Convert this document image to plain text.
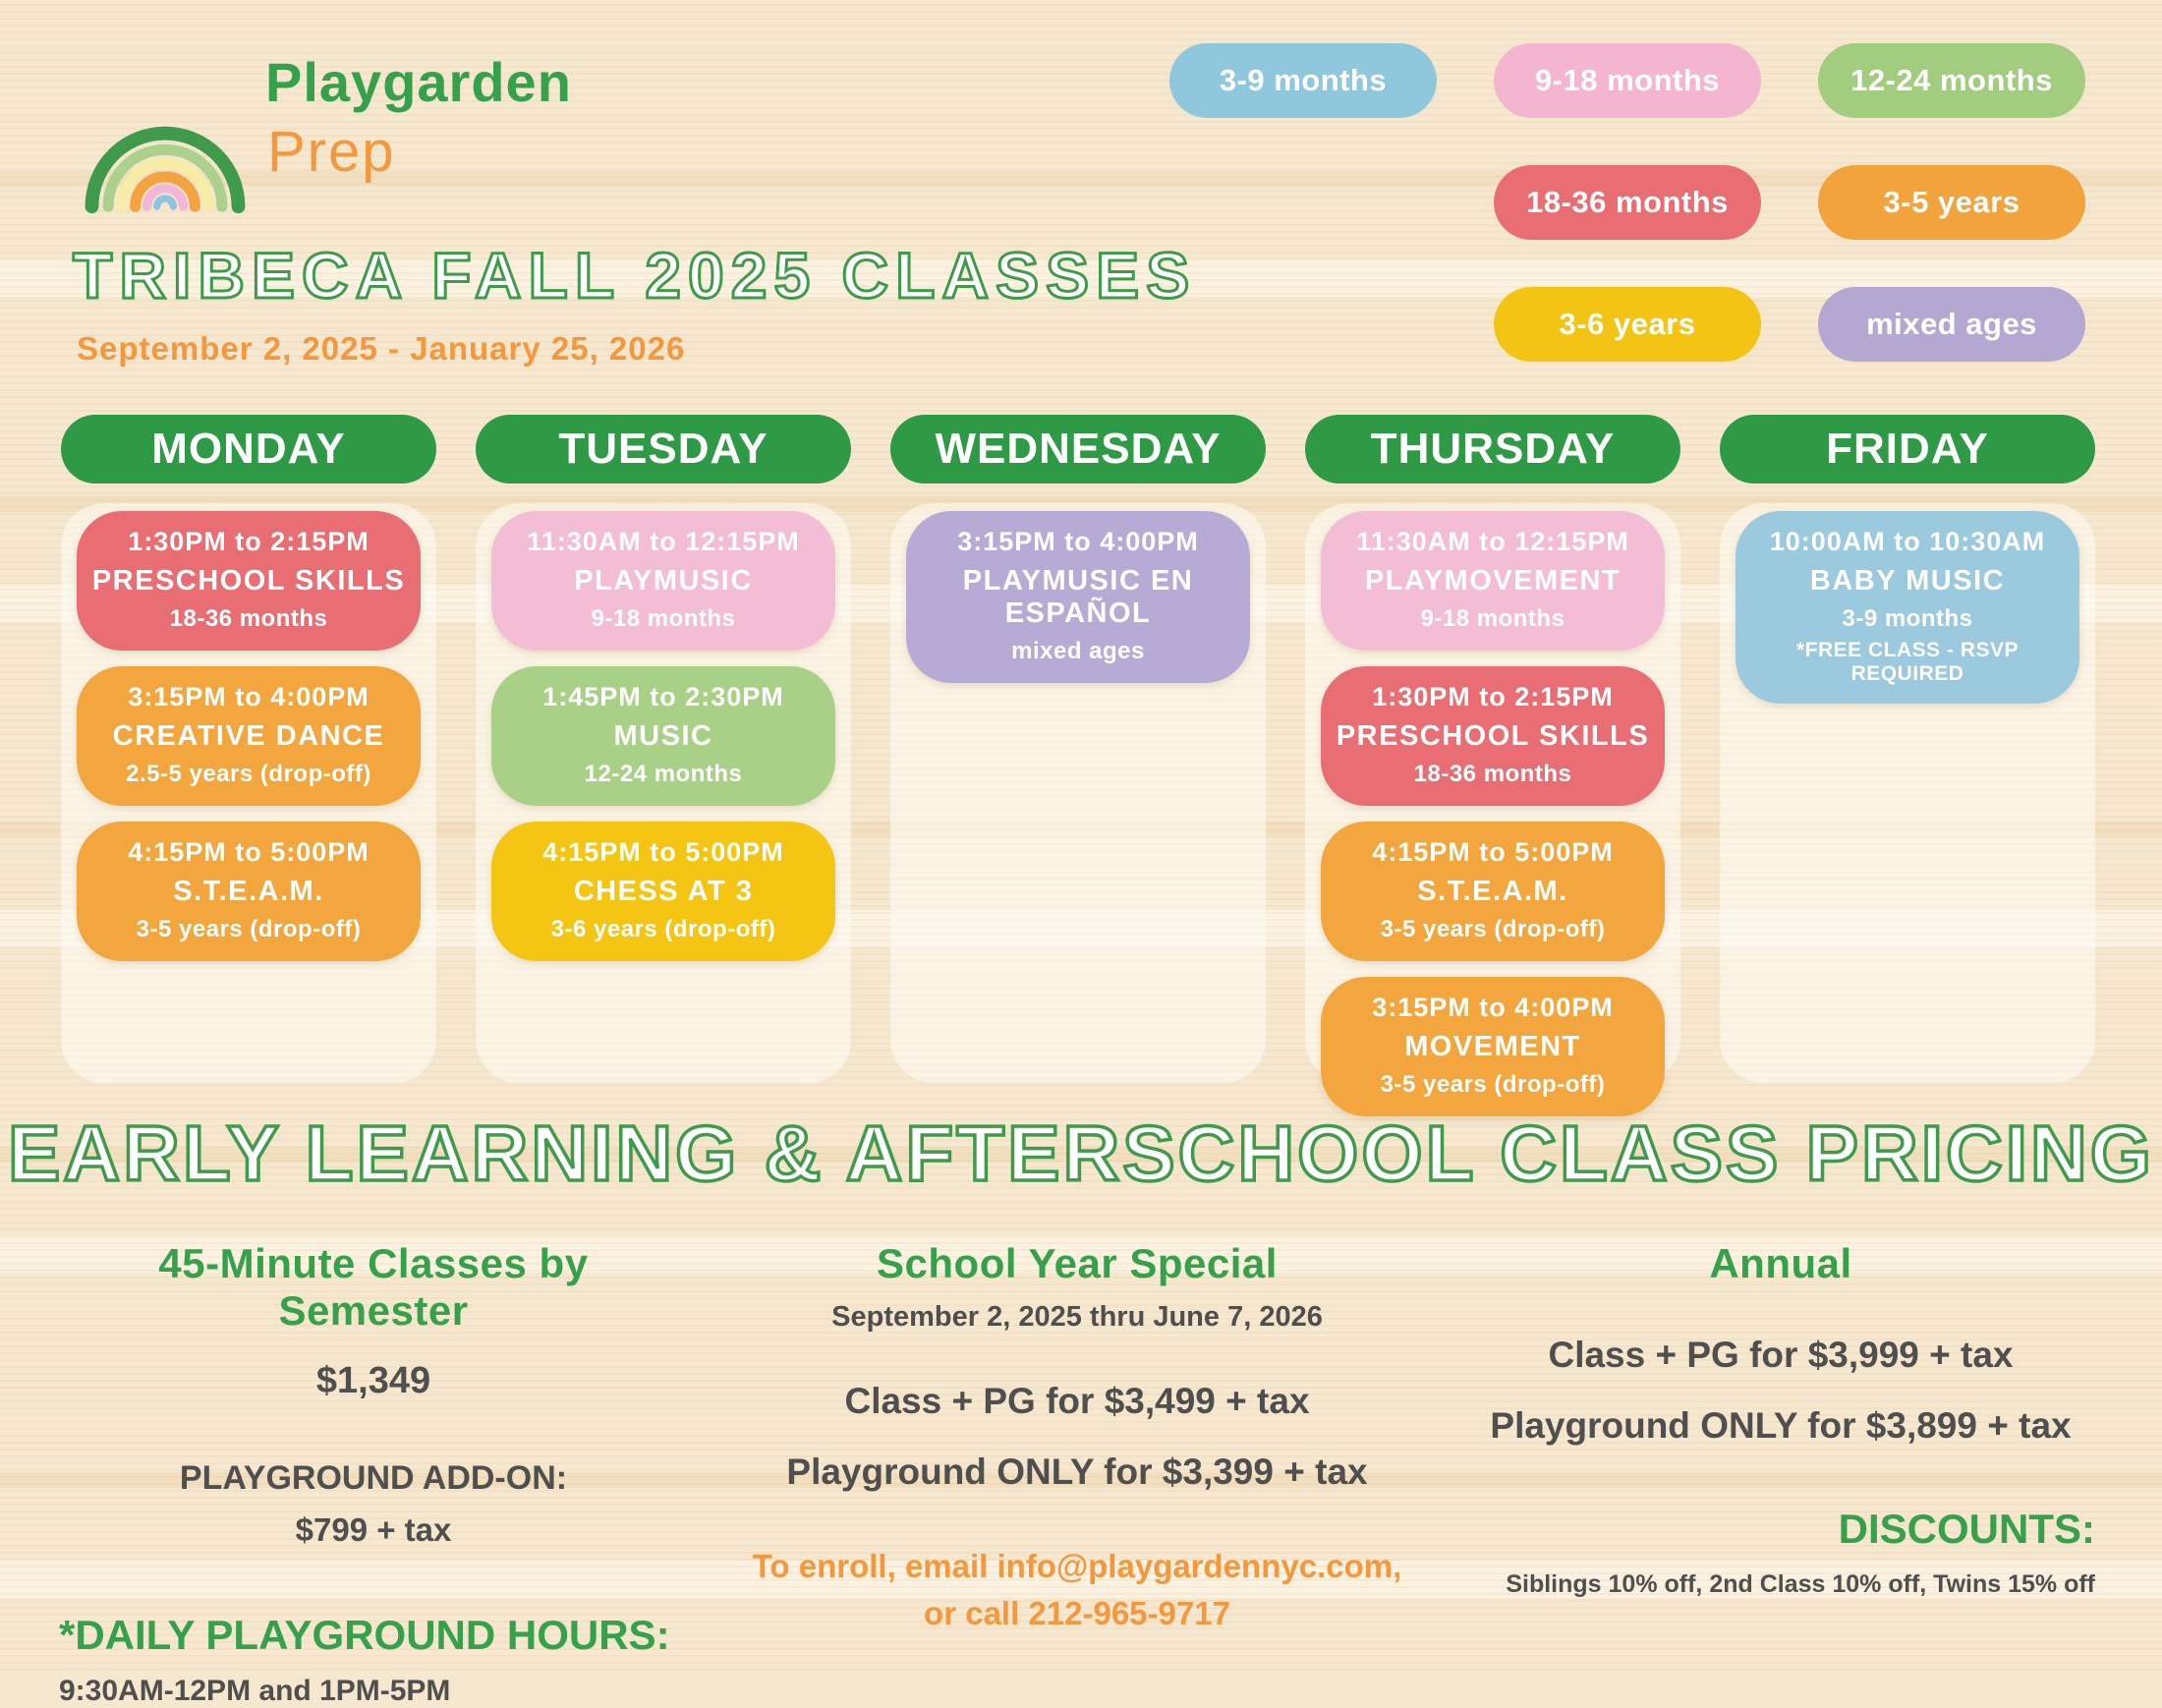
Playgarden
Prep
TRIBECA FALL 2025 CLASSES
September 2, 2025 - January 25, 2026
3-9 months	9-18 months	12-24 months
18-36 months	3-5 years
3-6 years	mixed ages
MONDAY
1:30PM to 2:15PM
PRESCHOOL SKILLS
18-36 months
3:15PM to 4:00PM
CREATIVE DANCE
2.5-5 years (drop-off)
4:15PM to 5:00PM
S.T.E.A.M.
3-5 years (drop-off)
TUESDAY
11:30AM to 12:15PM
PLAYMUSIC
9-18 months
1:45PM to 2:30PM
MUSIC
12-24 months
4:15PM to 5:00PM
CHESS AT 3
3-6 years (drop-off)
WEDNESDAY
3:15PM to 4:00PM
PLAYMUSIC EN ESPAÑOL
mixed ages
THURSDAY
11:30AM to 12:15PM
PLAYMOVEMENT
9-18 months
1:30PM to 2:15PM
PRESCHOOL SKILLS
18-36 months
4:15PM to 5:00PM
S.T.E.A.M.
3-5 years (drop-off)
3:15PM to 4:00PM
MOVEMENT
3-5 years (drop-off)
FRIDAY
10:00AM to 10:30AM
BABY MUSIC
3-9 months
*FREE CLASS - RSVP REQUIRED
EARLY LEARNING & AFTERSCHOOL CLASS PRICING
45-Minute Classes by Semester
$1,349
PLAYGROUND ADD-ON:
$799 + tax
*DAILY PLAYGROUND HOURS:
9:30AM-12PM and 1PM-5PM
School Year Special
September 2, 2025 thru June 7, 2026
Class + PG for $3,499 + tax
Playground ONLY for $3,399 + tax
To enroll, email info@playgardennyc.com,
or call 212-965-9717
Annual
Class + PG for $3,999 + tax
Playground ONLY for $3,899 + tax
DISCOUNTS:
Siblings 10% off, 2nd Class 10% off, Twins 15% off
